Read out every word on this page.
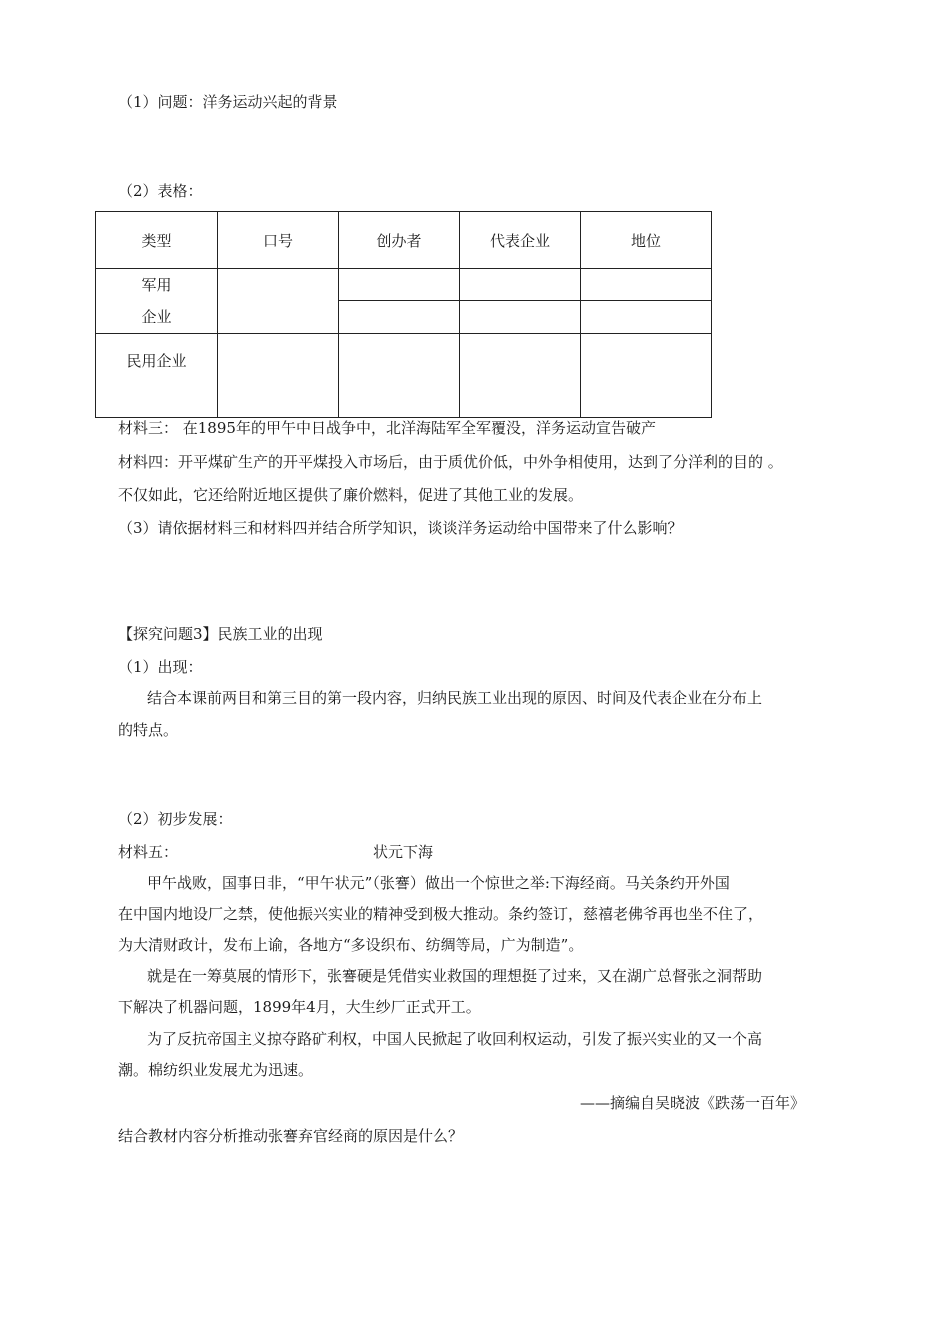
（1）问题：洋务运动兴起的背景
（2）表格：
类型	口号	创办者	代表企业	地位

军用
企业				

民用企业				
材料三： 在1895年的甲午中日战争中，北洋海陆军全军覆没，洋务运动宣告破产
材料四：开平煤矿生产的开平煤投入市场后，由于质优价低，中外争相使用，达到了分洋利的目的 。
不仅如此，它还给附近地区提供了廉价燃料，促进了其他工业的发展。
（3）请依据材料三和材料四并结合所学知识，谈谈洋务运动给中国带来了什么影响？
【探究问题3】民族工业的出现
（1）出现：
结合本课前两目和第三目的第一段内容，归纳民族工业出现的原因、时间及代表企业在分布上
的特点。
（2）初步发展：
材料五：	状元下海
甲午战败，国事日非，“甲午状元”（张謇）做出一个惊世之举:下海经商。马关条约开外国
在中国内地设厂之禁，使他振兴实业的精神受到极大推动。条约签订，慈禧老佛爷再也坐不住了，
为大清财政计，发布上谕，各地方“多设织布、纺绸等局，广为制造”。
就是在一筹莫展的情形下，张謇硬是凭借实业救国的理想挺了过来，又在湖广总督张之洞帮助
下解决了机器问题，1899年4月，大生纱厂正式开工。
为了反抗帝国主义掠夺路矿利权，中国人民掀起了收回利权运动，引发了振兴实业的又一个高
潮。棉纺织业发展尤为迅速。
——摘编自吴晓波《跌荡一百年》
结合教材内容分析推动张謇弃官经商的原因是什么？
